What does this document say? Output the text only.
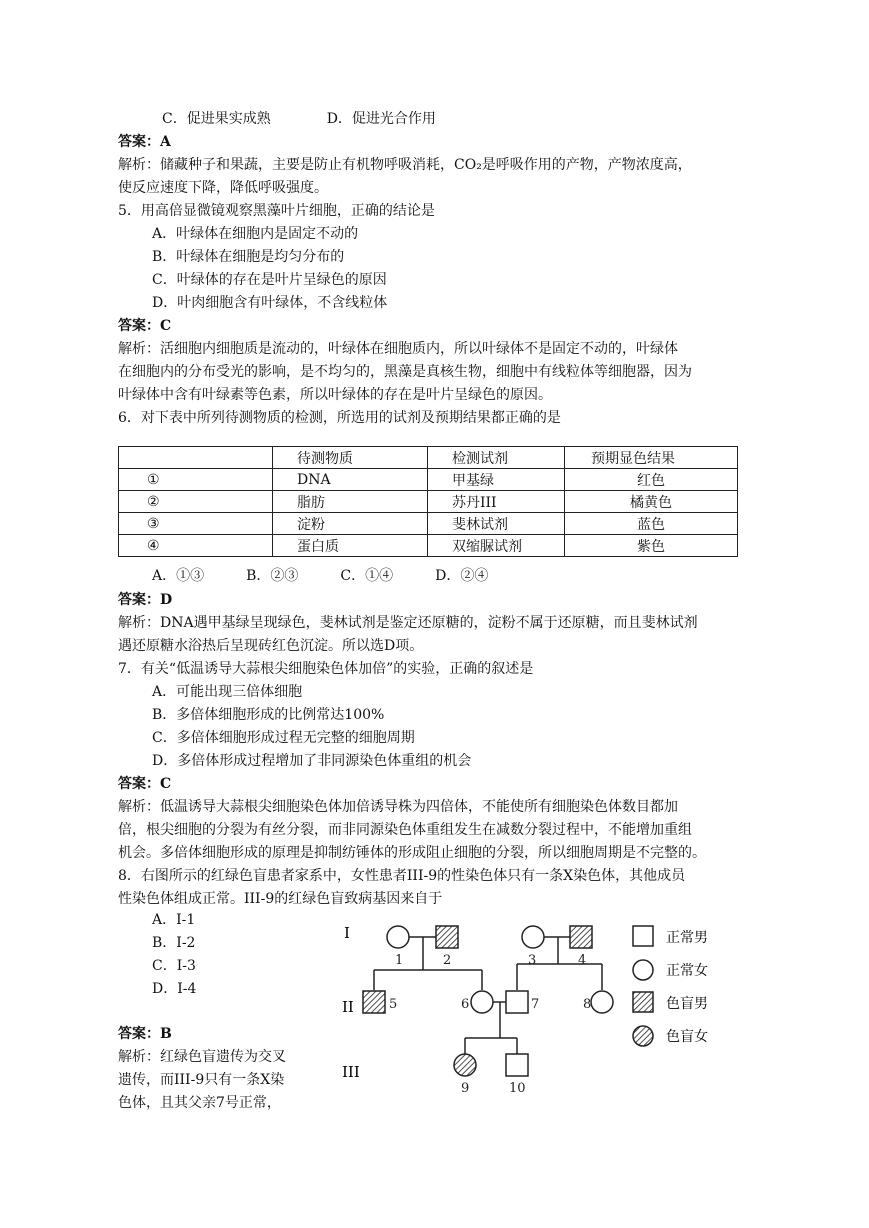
C．促进果实成熟　　　　D．促进光合作用
答案：A
解析：储藏种子和果蔬，主要是防止有机物呼吸消耗，CO₂是呼吸作用的产物，产物浓度高，
使反应速度下降，降低呼吸强度。
5．用高倍显微镜观察黑藻叶片细胞，正确的结论是
A．叶绿体在细胞内是固定不动的
B．叶绿体在细胞是均匀分布的
C．叶绿体的存在是叶片呈绿色的原因
D．叶肉细胞含有叶绿体，不含线粒体
答案：C
解析：活细胞内细胞质是流动的，叶绿体在细胞质内，所以叶绿体不是固定不动的，叶绿体
在细胞内的分布受光的影响，是不均匀的，黑藻是真核生物，细胞中有线粒体等细胞器，因为
叶绿体中含有叶绿素等色素，所以叶绿体的存在是叶片呈绿色的原因。
6．对下表中所列待测物质的检测，所选用的试剂及预期结果都正确的是
	待测物质	检测试剂	预期显色结果
①	DNA	甲基绿	红色
②	脂肪	苏丹III	橘黄色
③	淀粉	斐林试剂	蓝色
④	蛋白质	双缩脲试剂	紫色
A．①③　　　B．②③　　　C．①④　　　D．②④
答案：D
解析：DNA遇甲基绿呈现绿色，斐林试剂是鉴定还原糖的，淀粉不属于还原糖，而且斐林试剂
遇还原糖水浴热后呈现砖红色沉淀。所以选D项。
7．有关“低温诱导大蒜根尖细胞染色体加倍”的实验，正确的叙述是
A．可能出现三倍体细胞
B．多倍体细胞形成的比例常达100%
C．多倍体细胞形成过程无完整的细胞周期
D．多倍体形成过程增加了非同源染色体重组的机会
答案：C
解析：低温诱导大蒜根尖细胞染色体加倍诱导株为四倍体，不能使所有细胞染色体数目都加
倍，根尖细胞的分裂为有丝分裂，而非同源染色体重组发生在减数分裂过程中，不能增加重组
机会。多倍体细胞形成的原理是抑制纺锤体的形成阻止细胞的分裂，所以细胞周期是不完整的。
8．右图所示的红绿色盲患者家系中，女性患者III-9的性染色体只有一条X染色体，其他成员
性染色体组成正常。III-9的红绿色盲致病基因来自于
A．Ⅰ-1
B．Ⅰ-2
C．Ⅰ-3
D．Ⅰ-4
答案：B
解析：红绿色盲遗传为交叉
遗传，而III-9只有一条X染
色体，且其父亲7号正常，
I
II
III
1	2	3	4
5	6	7	8
9	10
正常男
正常女
色盲男
色盲女
